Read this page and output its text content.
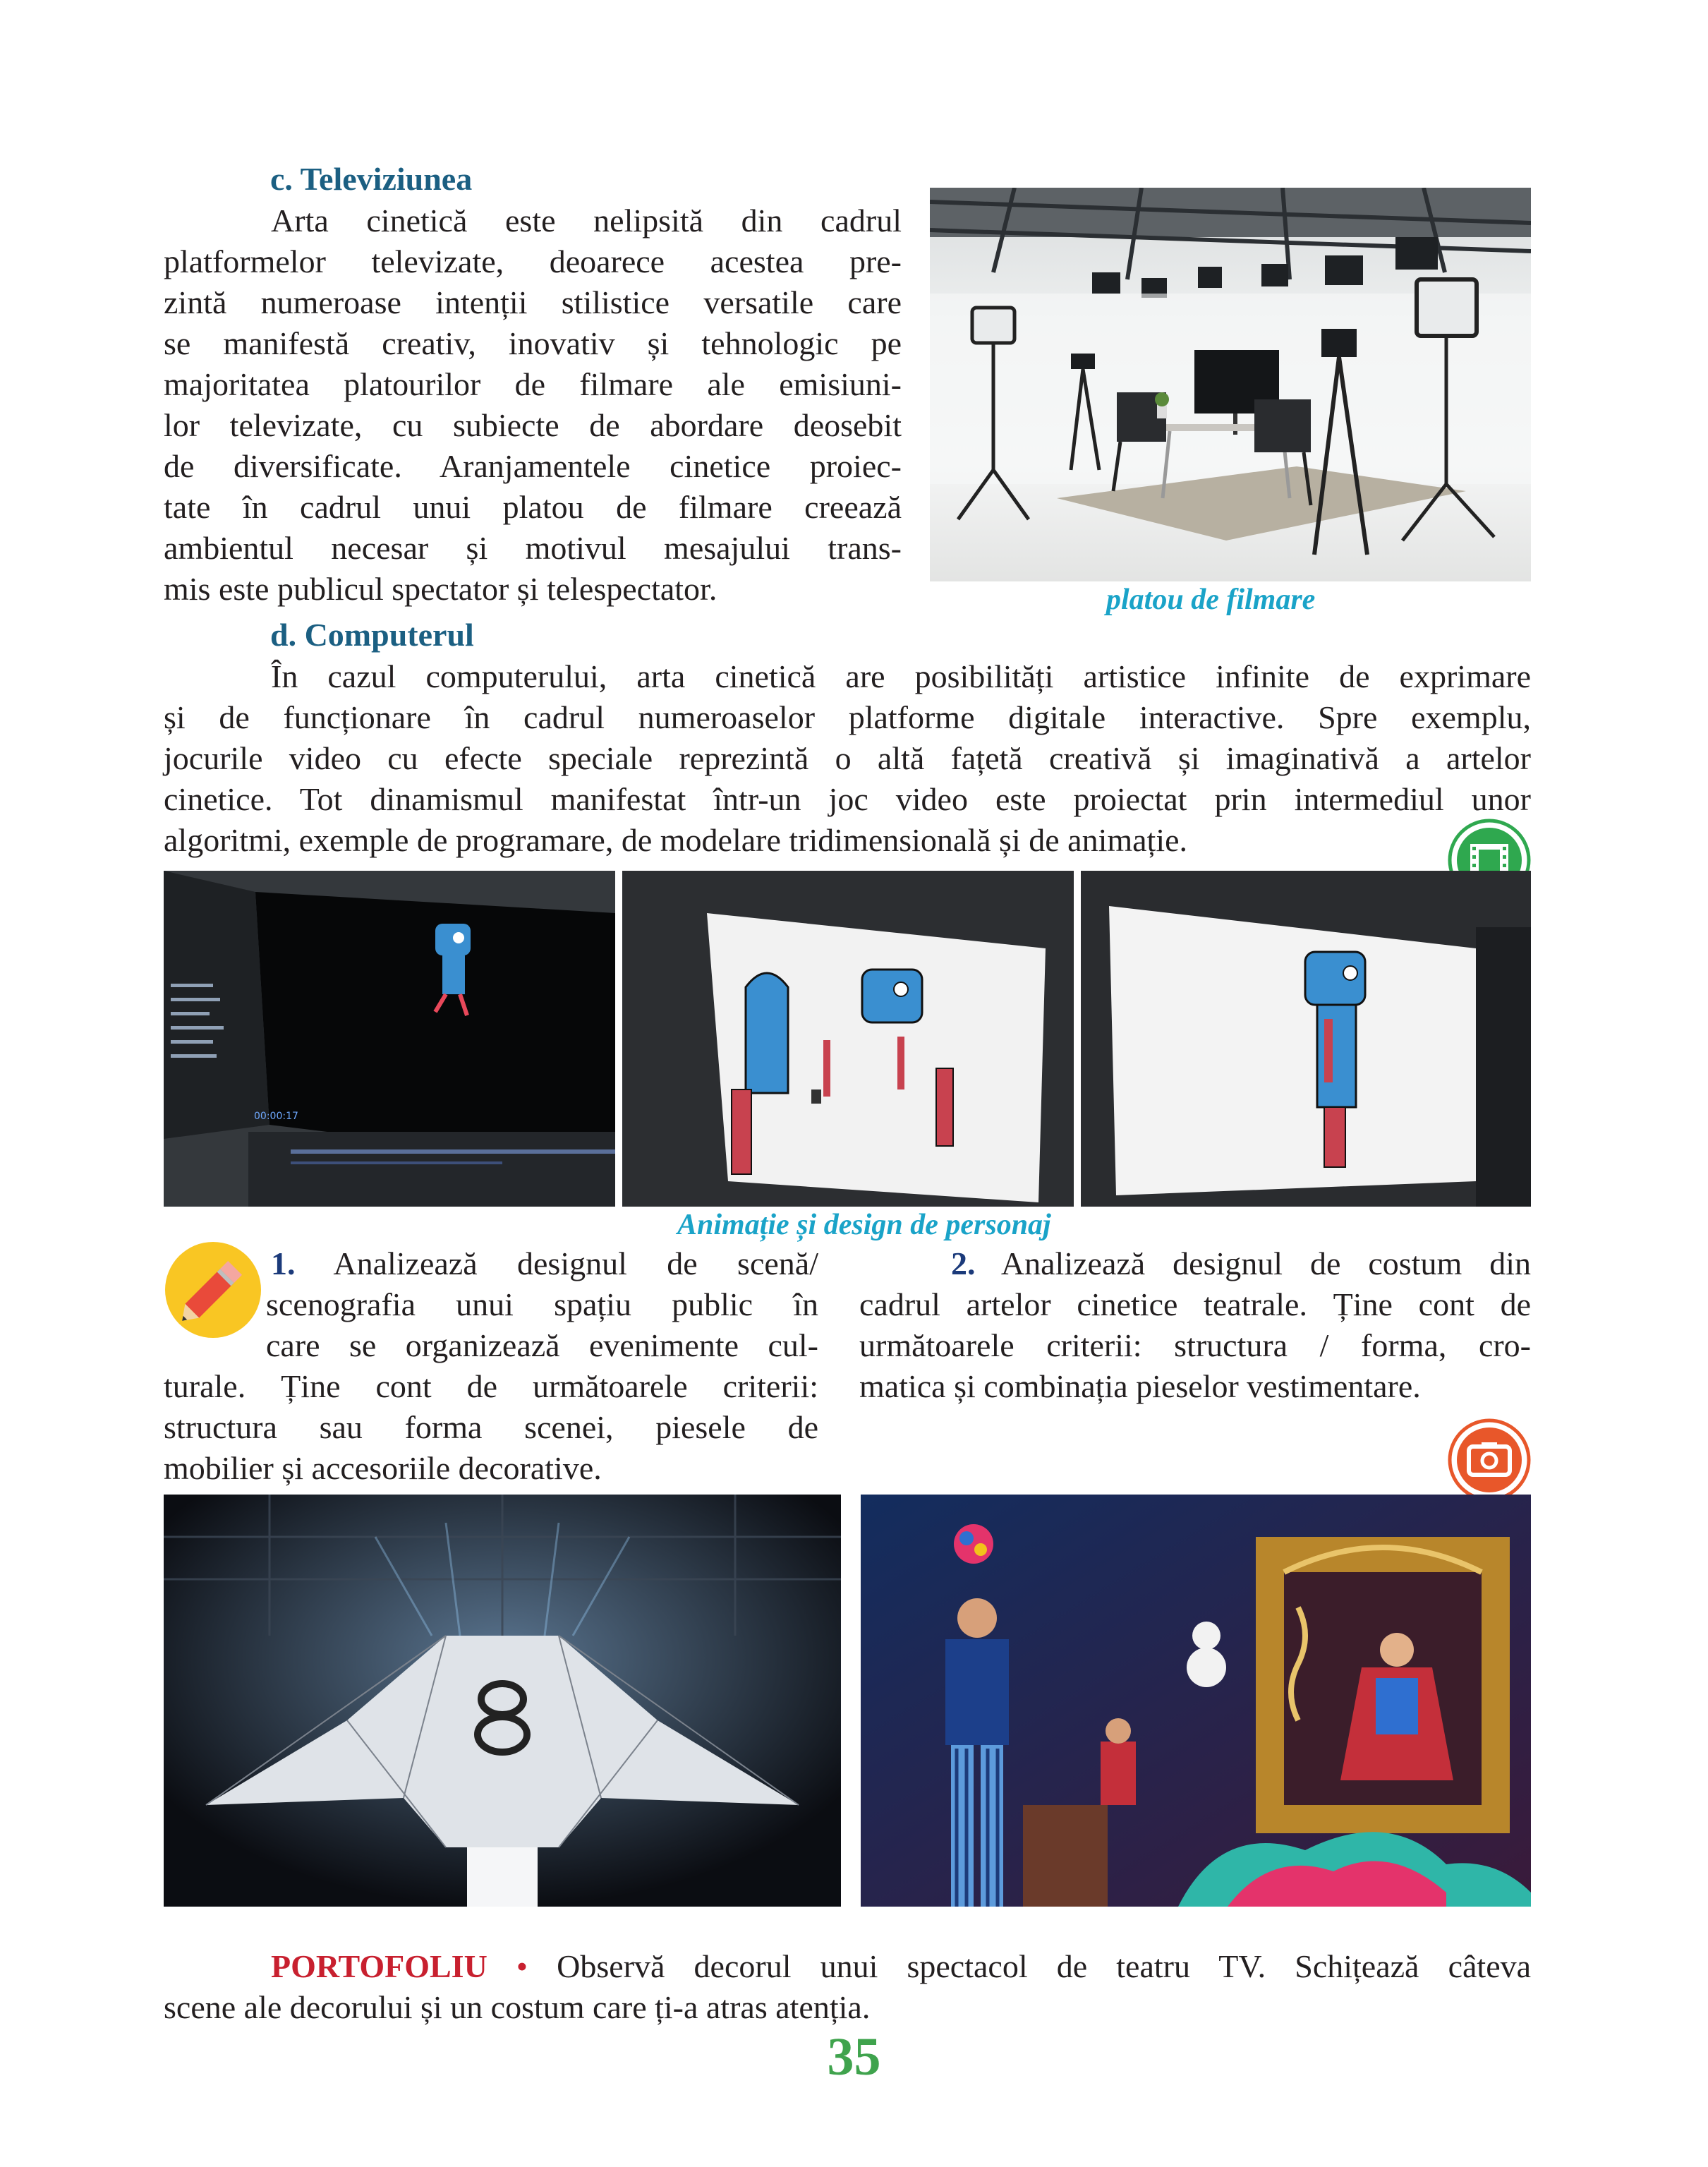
c. Televiziunea
Arta cinetică este nelipsită din cadrul
platformelor televizate, deoarece acestea pre-
zintă numeroase intenții stilistice versatile care
se manifestă creativ, inovativ și tehnologic pe
majoritatea platourilor de filmare ale emisiuni-
lor televizate, cu subiecte de abordare deosebit
de diversificate. Aranjamentele cinetice proiec-
tate în cadrul unui platou de filmare creează
ambientul necesar și motivul mesajului trans-
mis este publicul spectator și telespectator.	platou de filmare
d. Computerul
În cazul computerului, arta cinetică are posibilități artistice infinite de exprimare
și de funcționare în cadrul numeroaselor platforme digitale interactive. Spre exemplu,
jocurile video cu efecte speciale reprezintă o altă fațetă creativă și imaginativă a artelor
cinetice. Tot dinamismul manifestat într-un joc video este proiectat prin intermediul unor
algoritmi, exemple de programare, de modelare tridimensională și de animație.
00:00:17
Animație și design de personaj
1. Analizează designul de scenă/
scenografia unui spațiu public în
care se organizează evenimente cul-
turale. Ține cont de următoarele criterii:
structura sau forma scenei, piesele de
mobilier și accesoriile decorative.
2. Analizează designul de costum din
cadrul artelor cinetice teatrale. Ține cont de
următoarele criterii: structura / forma, cro-
matica și combinația pieselor vestimentare.
PORTOFOLIU • Observă decorul unui spectacol de teatru TV. Schițează câteva
scene ale decorului și un costum care ți-a atras atenția.
35
